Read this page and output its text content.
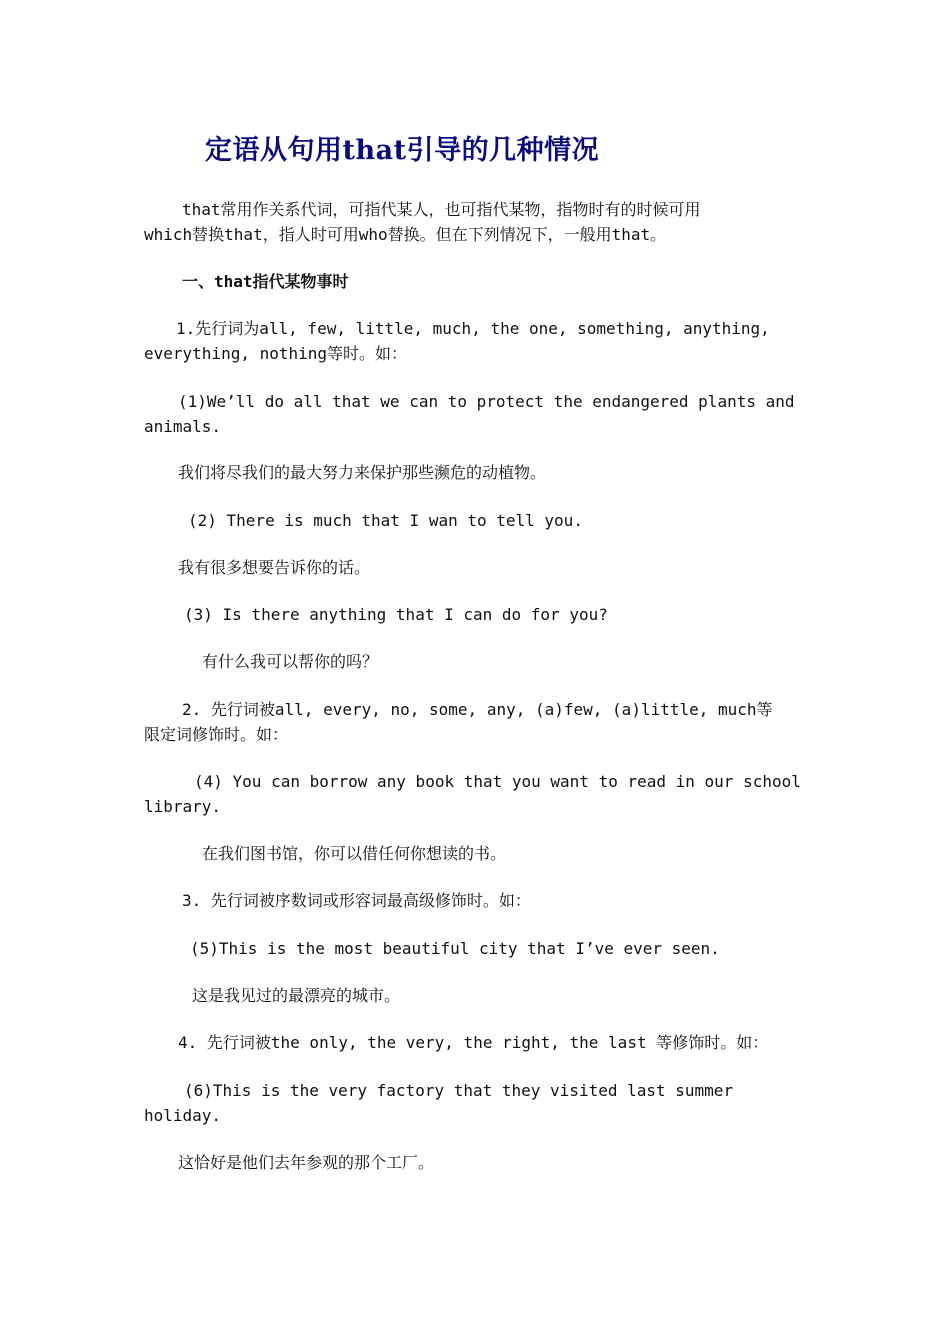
定语从句用that引导的几种情况
that常用作关系代词，可指代某人，也可指代某物，指物时有的时候可用
which替换that，指人时可用who替换。但在下列情况下，一般用that。
一、that指代某物事时
1.先行词为all, few, little, much, the one, something, anything,
everything, nothing等时。如：
(1)We’ll do all that we can to protect the endangered plants and
animals.
我们将尽我们的最大努力来保护那些濒危的动植物。
(2) There is much that I wan to tell you.
我有很多想要告诉你的话。
(3) Is there anything that I can do for you?
有什么我可以帮你的吗？
2. 先行词被all, every, no, some, any, (a)few, (a)little, much等
限定词修饰时。如：
(4) You can borrow any book that you want to read in our school
library.
在我们图书馆，你可以借任何你想读的书。
3. 先行词被序数词或形容词最高级修饰时。如：
(5)This is the most beautiful city that I’ve ever seen.
这是我见过的最漂亮的城市。
4. 先行词被the only, the very, the right, the last 等修饰时。如：
(6)This is the very factory that they visited last summer
holiday.
这恰好是他们去年参观的那个工厂。
